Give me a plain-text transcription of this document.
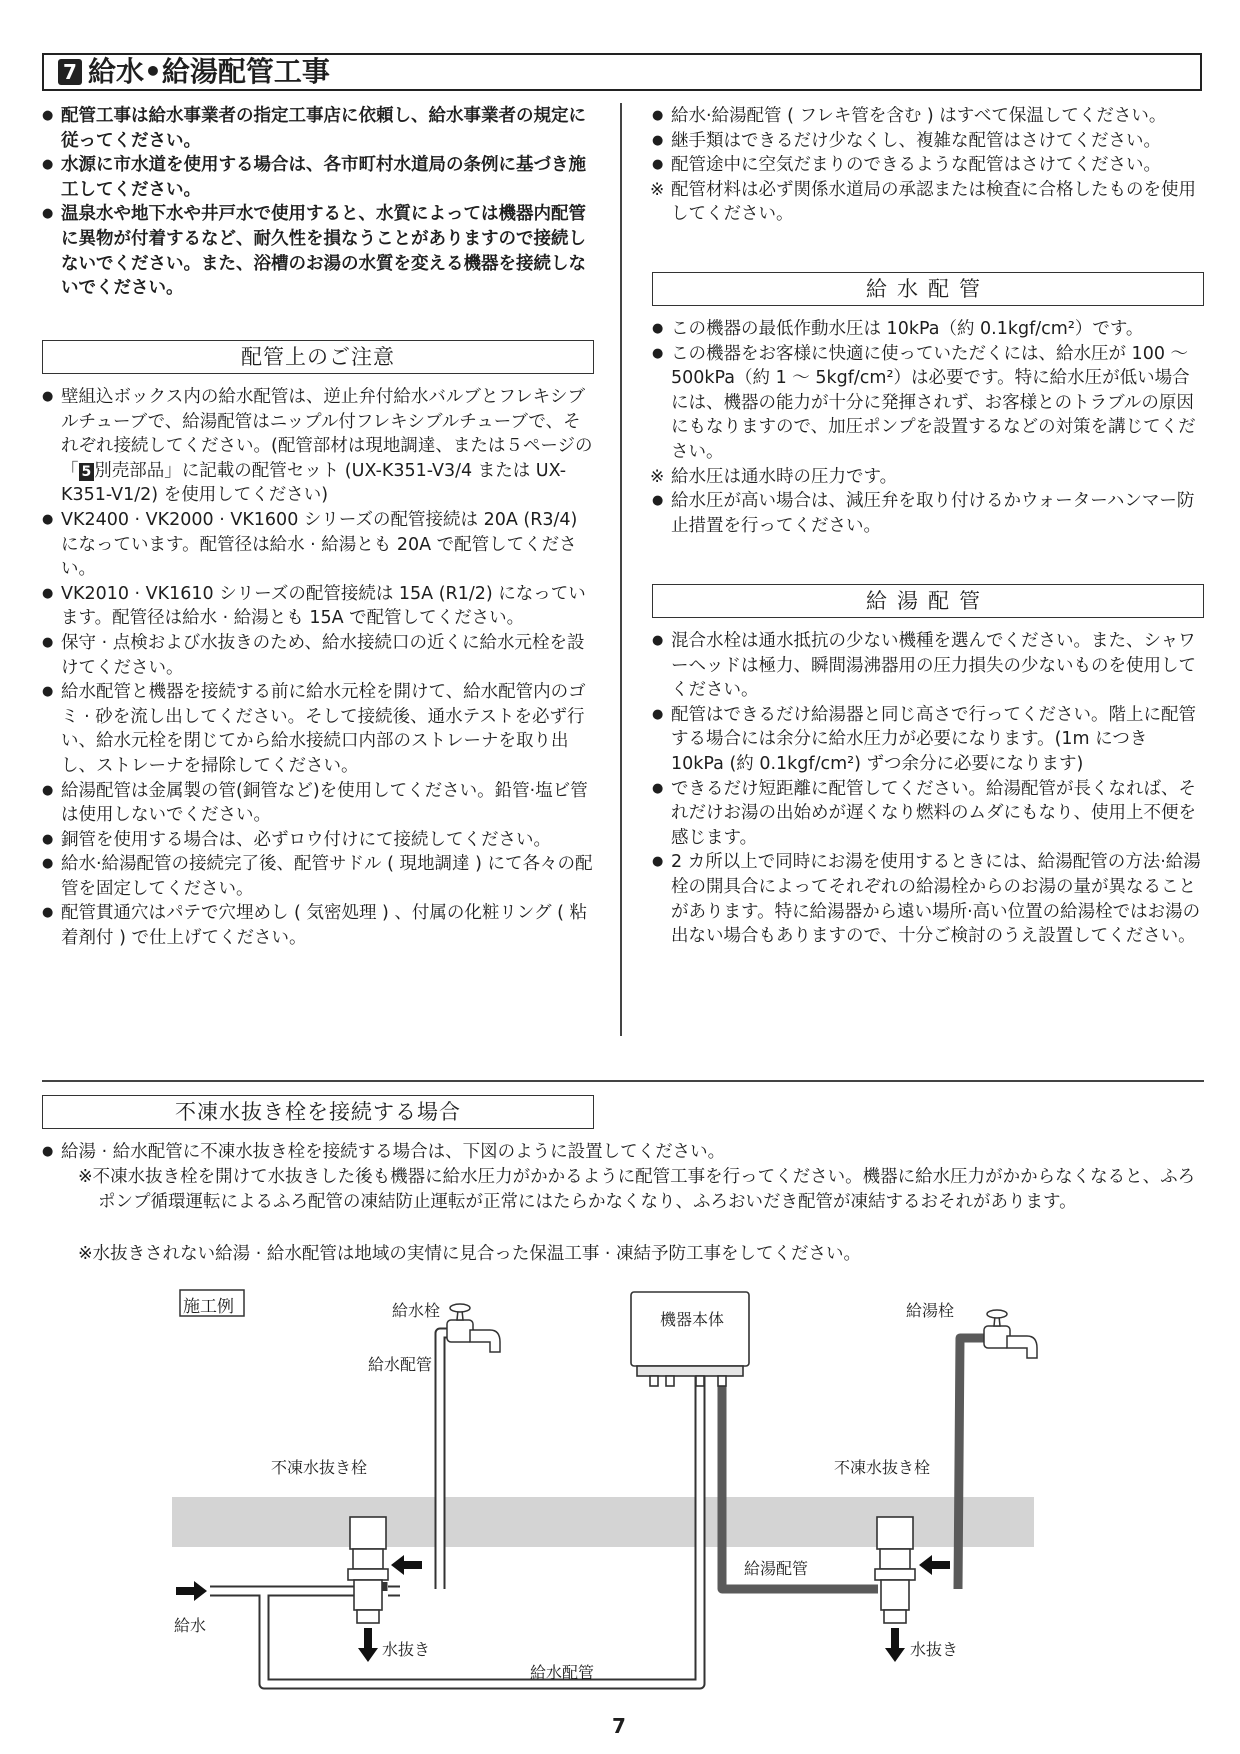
7 給水•給湯配管工事
● 配管工事は給水事業者の指定工事店に依頼し、給水事業者の規定に従ってください。
● 水源に市水道を使用する場合は、各市町村水道局の条例に基づき施工してください。
● 温泉水や地下水や井戸水で使用すると、水質によっては機器内配管に異物が付着するなど、耐久性を損なうことがありますので接続しないでください。また、浴槽のお湯の水質を変える機器を接続しないでください。
配管上のご注意
● 壁組込ボックス内の給水配管は、逆止弁付給水バルブとフレキシブルチューブで、給湯配管はニップル付フレキシブルチューブで、それぞれ接続してください。(配管部材は現地調達、または５ページの「 5 別売部品」に記載の配管セット (UX-K351-V3/4 または UX-K351-V1/2) を使用してください)
● VK2400 · VK2000 · VK1600 シリーズの配管接続は 20A (R3/4) になっています。配管径は給水 · 給湯とも 20A で配管してください。
● VK2010 · VK1610 シリーズの配管接続は 15A (R1/2) になっています。配管径は給水 · 給湯とも 15A で配管してください。
● 保守 · 点検および水抜きのため、給水接続口の近くに給水元栓を設けてください。
● 給水配管と機器を接続する前に給水元栓を開けて、給水配管内のゴミ · 砂を流し出してください。そして接続後、通水テストを必ず行い、給水元栓を閉じてから給水接続口内部のストレーナを取り出し、ストレーナを掃除してください。
● 給湯配管は金属製の管(銅管など)を使用してください。鉛管·塩ビ管は使用しないでください。
● 銅管を使用する場合は、必ずロウ付けにて接続してください。
● 給水·給湯配管の接続完了後、配管サドル ( 現地調達 ) にて各々の配管を固定してください。
● 配管貫通穴はパテで穴埋めし ( 気密処理 ) 、付属の化粧リング ( 粘着剤付 ) で仕上げてください。
● 給水·給湯配管 ( フレキ管を含む ) はすべて保温してください。
● 継手類はできるだけ少なくし、複雑な配管はさけてください。
● 配管途中に空気だまりのできるような配管はさけてください。
※ 配管材料は必ず関係水道局の承認または検査に合格したものを使用してください。
給水配管
● この機器の最低作動水圧は 10kPa（約 0.1kgf/cm²）です。
● この機器をお客様に快適に使っていただくには、給水圧が 100 ～ 500kPa（約 1 ～ 5kgf/cm²）は必要です。特に給水圧が低い場合には、機器の能力が十分に発揮されず、お客様とのトラブルの原因にもなりますので、加圧ポンプを設置するなどの対策を講じてください。
※ 給水圧は通水時の圧力です。
● 給水圧が高い場合は、減圧弁を取り付けるかウォーターハンマー防止措置を行ってください。
給湯配管
● 混合水栓は通水抵抗の少ない機種を選んでください。また、シャワーヘッドは極力、瞬間湯沸器用の圧力損失の少ないものを使用してください。
● 配管はできるだけ給湯器と同じ高さで行ってください。階上に配管する場合には余分に給水圧力が必要になります。(1m につき 10kPa (約 0.1kgf/cm²) ずつ余分に必要になります)
● できるだけ短距離に配管してください。給湯配管が長くなれば、それだけお湯の出始めが遅くなり燃料のムダにもなり、使用上不便を感じます。
● 2 カ所以上で同時にお湯を使用するときには、給湯配管の方法·給湯栓の開具合によってそれぞれの給湯栓からのお湯の量が異なることがあります。特に給湯器から遠い場所·高い位置の給湯栓ではお湯の出ない場合もありますので、十分ご検討のうえ設置してください。
不凍水抜き栓を接続する場合
● 給湯 · 給水配管に不凍水抜き栓を接続する場合は、下図のように設置してください。
※不凍水抜き栓を開けて水抜きした後も機器に給水圧力がかかるように配管工事を行ってください。機器に給水圧力がかからなくなると、ふろポンプ循環運転によるふろ配管の凍結防止運転が正常にはたらかなくなり、ふろおいだき配管が凍結するおそれがあります。
※水抜きされない給湯 · 給水配管は地域の実情に見合った保温工事 · 凍結予防工事をしてください。
施工例	給水栓
給水配管
不凍水抜き栓
給水
水抜き
給水配管
機器本体	給湯栓
不凍水抜き栓
給湯配管
水抜き
7
